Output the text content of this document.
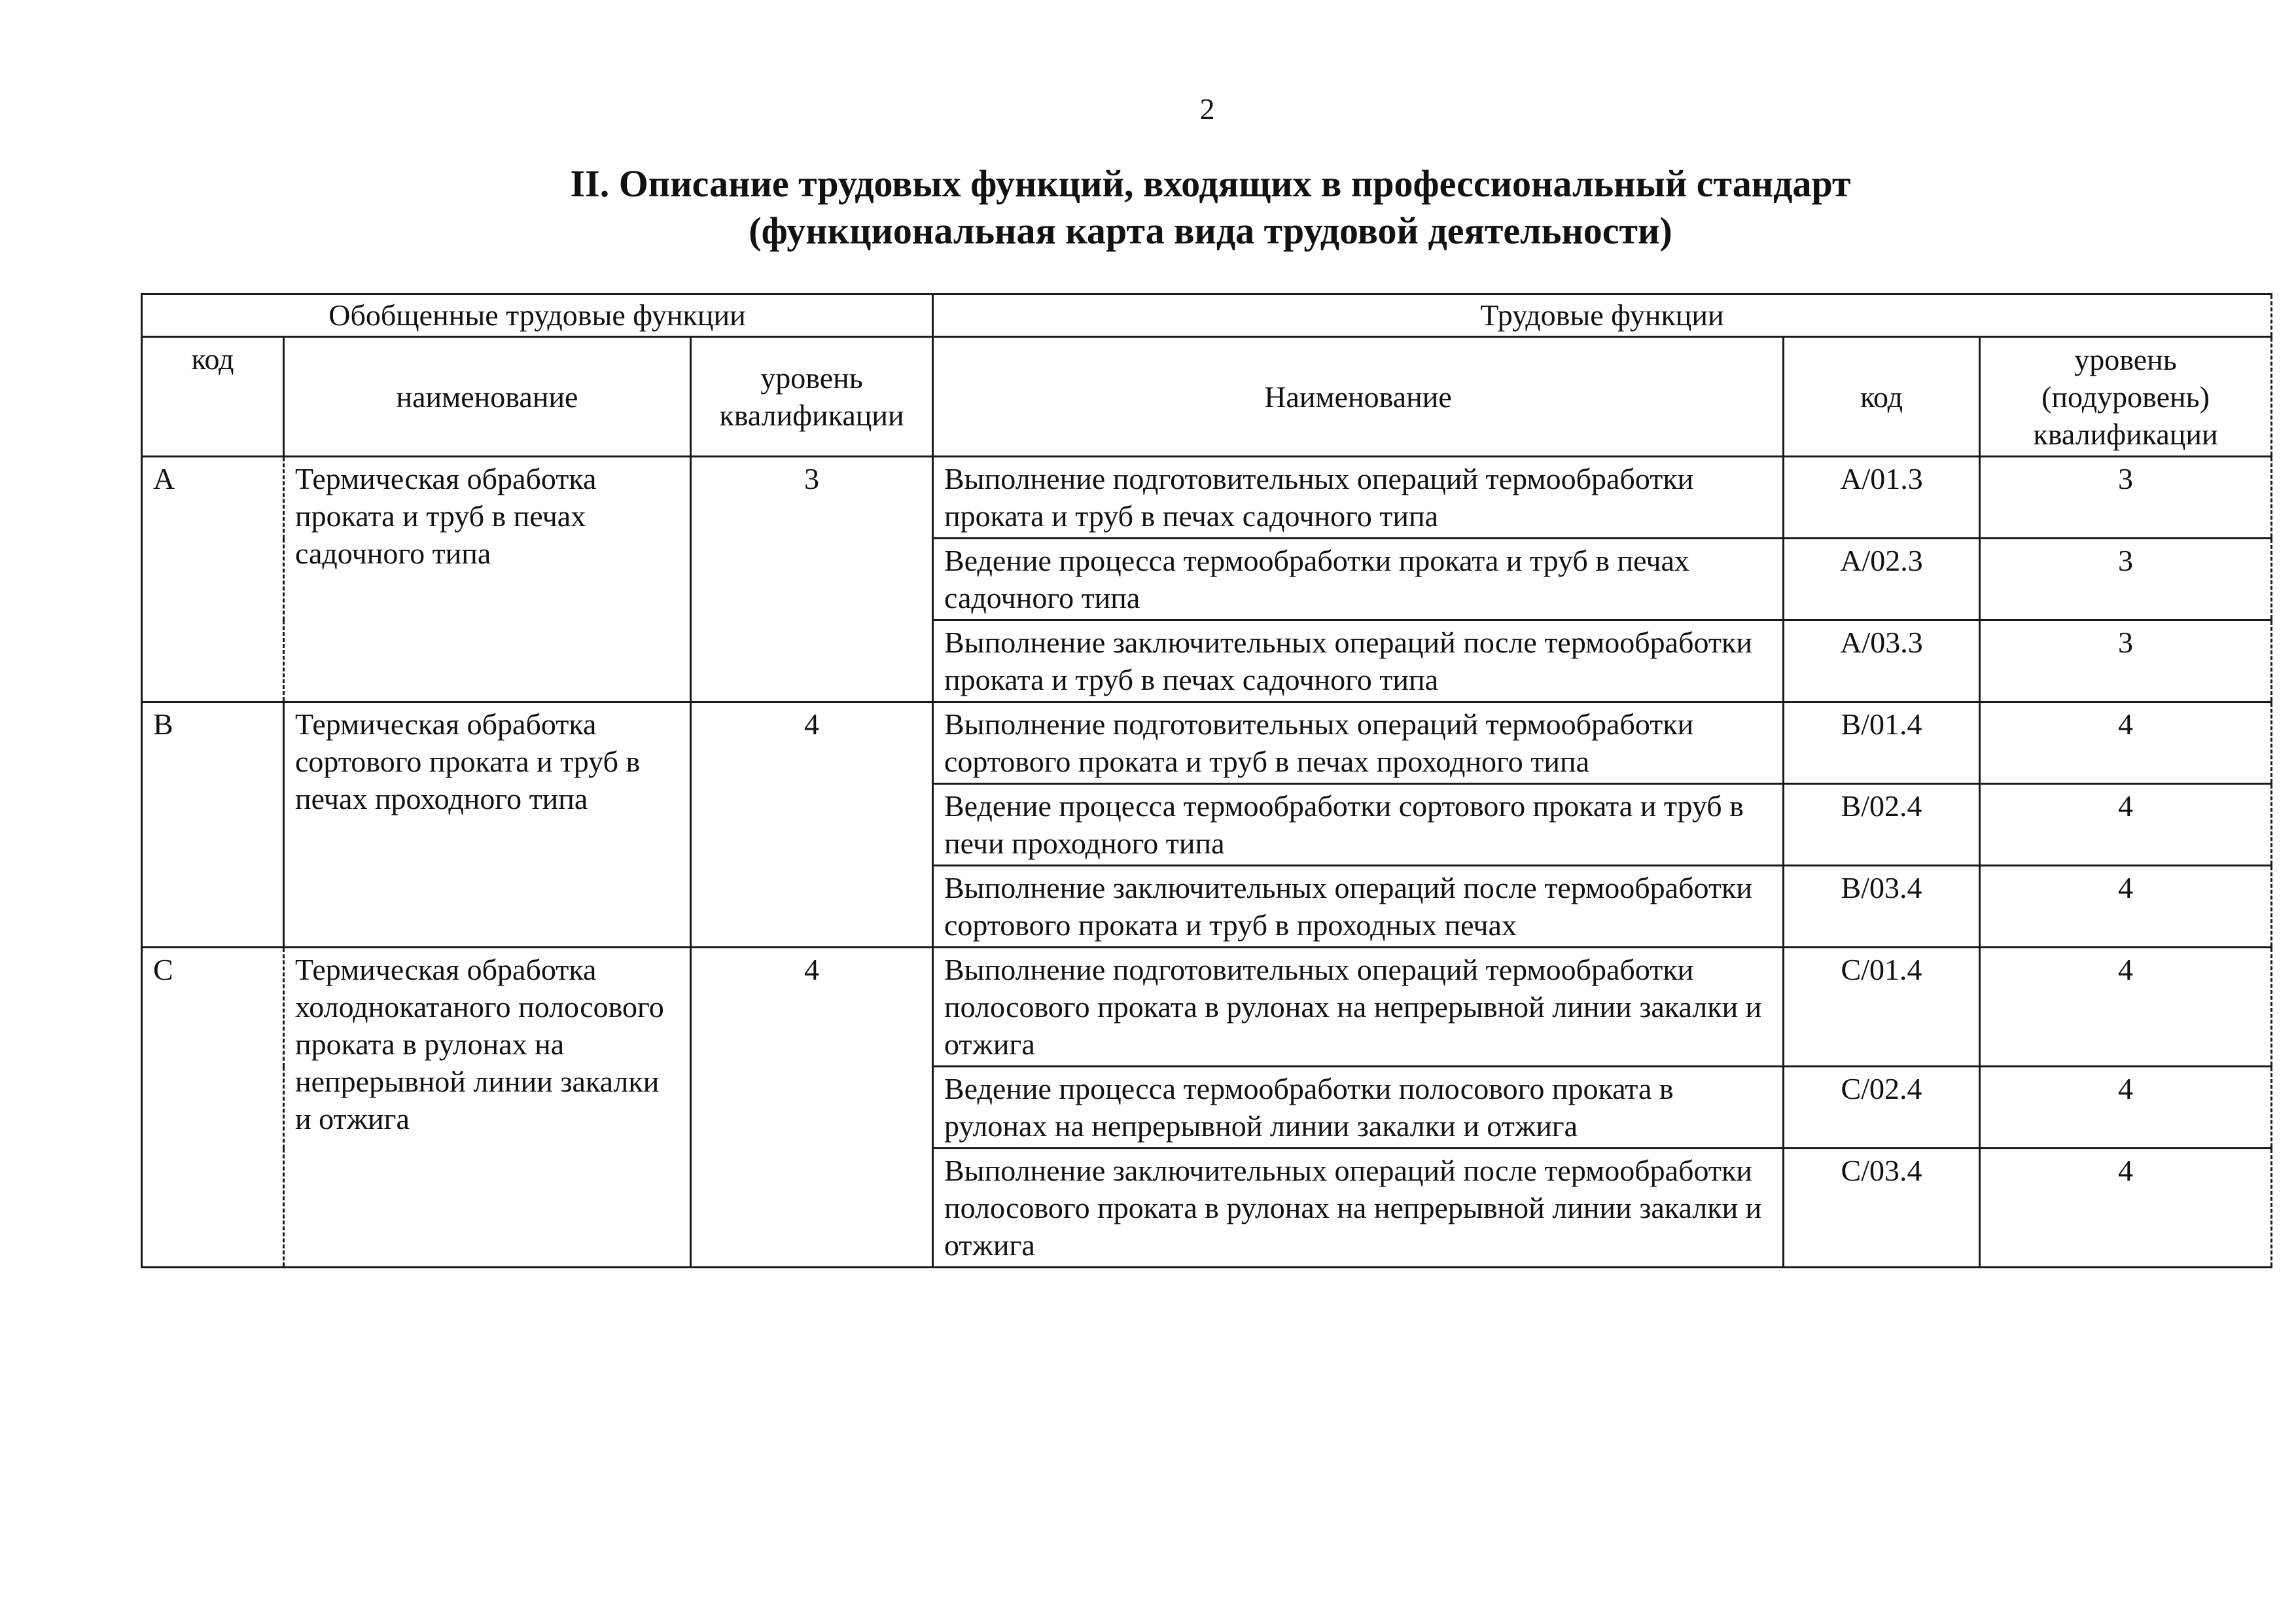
2
II. Описание трудовых функций, входящих в профессиональный стандарт
(функциональная карта вида трудовой деятельности)
Обобщенные трудовые функции			Трудовые функции		
код	наименование	уровень квалификации	Наименование	код	уровень (подуровень) квалификации
A	Термическая обработка проката и труб в печах садочного типа	3	Выполнение подготовительных операций термообработки проката и труб в печах садочного типа	A/01.3	3
			Ведение процесса термообработки проката и труб в печах садочного типа	A/02.3	3
			Выполнение заключительных операций после термообработки проката и труб в печах садочного типа	A/03.3	3
B	Термическая обработка сортового проката и труб в печах проходного типа	4	Выполнение подготовительных операций термообработки сортового проката и труб в печах проходного типа	B/01.4	4
			Ведение процесса термообработки сортового проката и труб в печи проходного типа	B/02.4	4
			Выполнение заключительных операций после термообработки сортового проката и труб в проходных печах	B/03.4	4
C	Термическая обработка холоднокатаного полосового проката в рулонах на непрерывной линии закалки и отжига	4	Выполнение подготовительных операций термообработки полосового проката в рулонах на непрерывной линии закалки и отжига	C/01.4	4
			Ведение процесса термообработки полосового проката в рулонах на непрерывной линии закалки и отжига	C/02.4	4
			Выполнение заключительных операций после термообработки полосового проката в рулонах на непрерывной линии закалки и отжига	C/03.4	4
